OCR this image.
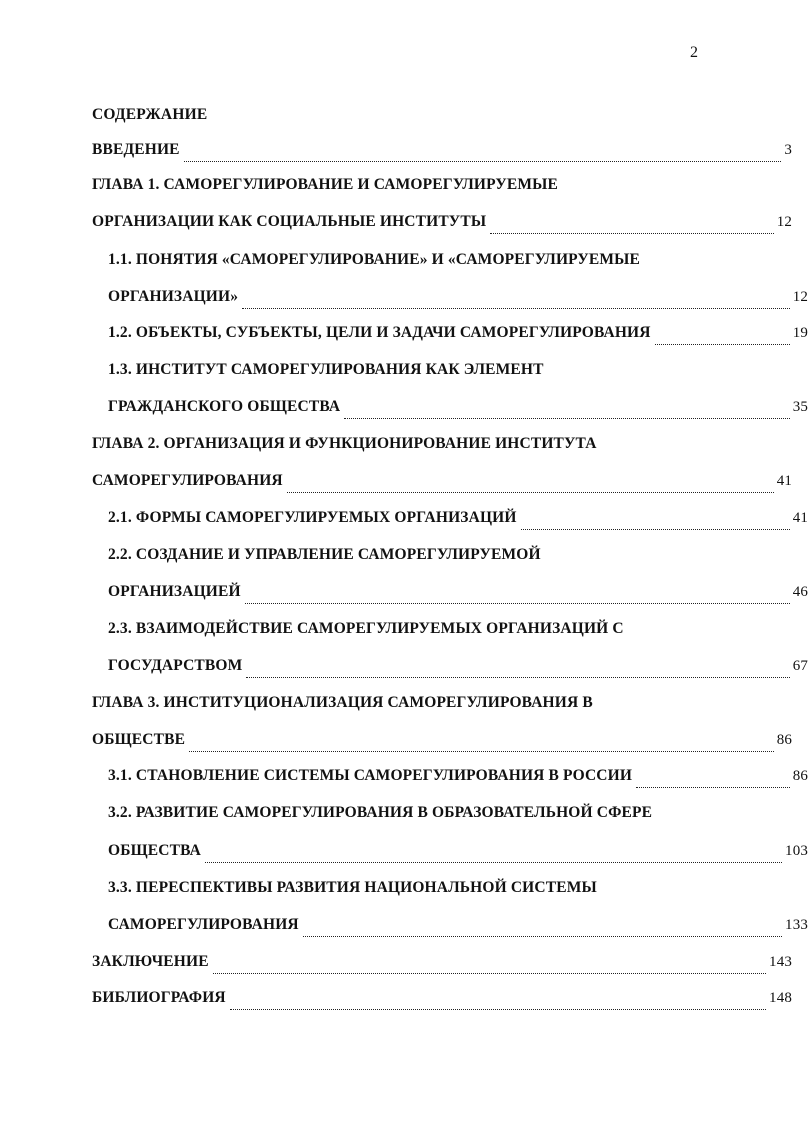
2
СОДЕРЖАНИЕ
ВВЕДЕНИЕ	3
ГЛАВА 1. САМОРЕГУЛИРОВАНИЕ И САМОРЕГУЛИРУЕМЫЕ
ОРГАНИЗАЦИИ КАК СОЦИАЛЬНЫЕ ИНСТИТУТЫ	12
1.1. ПОНЯТИЯ «САМОРЕГУЛИРОВАНИЕ» И «САМОРЕГУЛИРУЕМЫЕ
ОРГАНИЗАЦИИ»	12
1.2. ОБЪЕКТЫ, СУБЪЕКТЫ, ЦЕЛИ И ЗАДАЧИ САМОРЕГУЛИРОВАНИЯ	19
1.3. ИНСТИТУТ САМОРЕГУЛИРОВАНИЯ КАК ЭЛЕМЕНТ
ГРАЖДАНСКОГО ОБЩЕСТВА	35
ГЛАВА 2. ОРГАНИЗАЦИЯ И ФУНКЦИОНИРОВАНИЕ ИНСТИТУТА
САМОРЕГУЛИРОВАНИЯ	41
2.1. ФОРМЫ САМОРЕГУЛИРУЕМЫХ ОРГАНИЗАЦИЙ	41
2.2. СОЗДАНИЕ И УПРАВЛЕНИЕ САМОРЕГУЛИРУЕМОЙ
ОРГАНИЗАЦИЕЙ	46
2.3. ВЗАИМОДЕЙСТВИЕ САМОРЕГУЛИРУЕМЫХ ОРГАНИЗАЦИЙ С
ГОСУДАРСТВОМ	67
ГЛАВА 3. ИНСТИТУЦИОНАЛИЗАЦИЯ САМОРЕГУЛИРОВАНИЯ В
ОБЩЕСТВЕ	86
3.1. СТАНОВЛЕНИЕ СИСТЕМЫ САМОРЕГУЛИРОВАНИЯ В РОССИИ	86
3.2. РАЗВИТИЕ САМОРЕГУЛИРОВАНИЯ В ОБРАЗОВАТЕЛЬНОЙ СФЕРЕ
ОБЩЕСТВА	103
3.3. ПЕРЕСПЕКТИВЫ РАЗВИТИЯ НАЦИОНАЛЬНОЙ СИСТЕМЫ
САМОРЕГУЛИРОВАНИЯ	133
ЗАКЛЮЧЕНИЕ	143
БИБЛИОГРАФИЯ	148
